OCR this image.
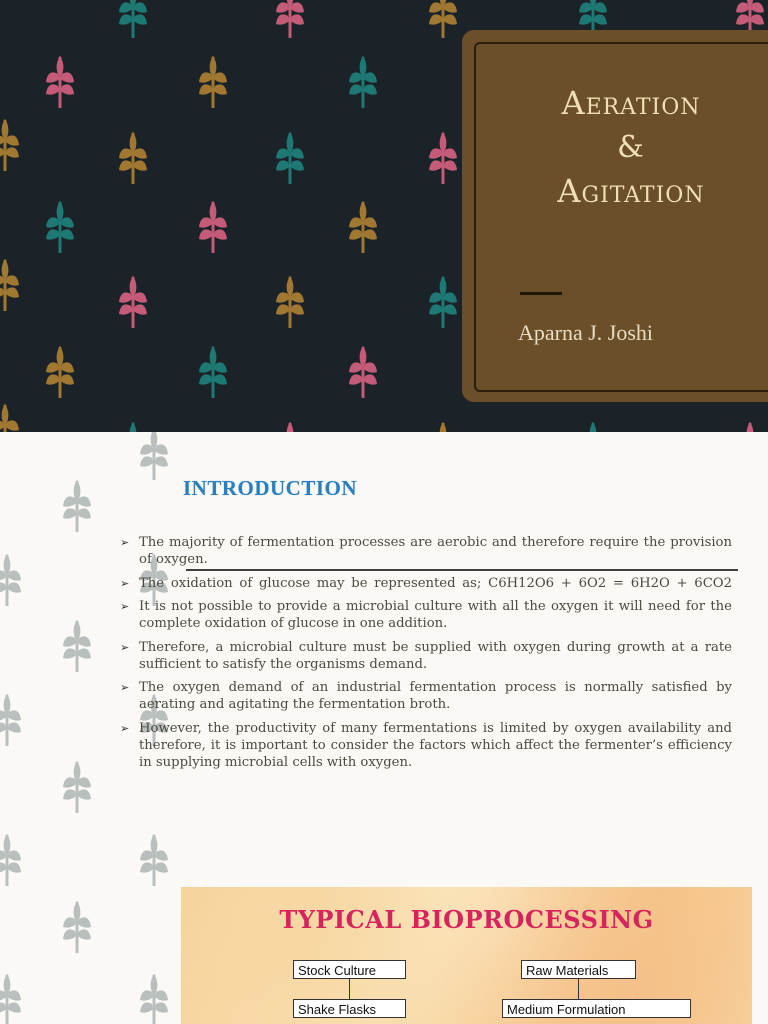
Aeration
&
Agitation
Aparna J. Joshi
INTRODUCTION
➢ The majority of fermentation processes are aerobic and therefore require the provision of oxygen.
➢ The oxidation of glucose may be represented as; C6H12O6 + 6O2 = 6H2O + 6CO2
➢ It is not possible to provide a microbial culture with all the oxygen it will need for the complete oxidation of glucose in one addition.
➢ Therefore, a microbial culture must be supplied with oxygen during growth at a rate sufficient to satisfy the organisms demand.
➢ The oxygen demand of an industrial fermentation process is normally satisfied by aerating and agitating the fermentation broth.
➢ However, the productivity of many fermentations is limited by oxygen availability and therefore, it is important to consider the factors which affect the fermenter’s efficiency in supplying microbial cells with oxygen.
TYPICAL BIOPROCESSING
Stock Culture
Shake Flasks
Raw Materials
Medium Formulation
